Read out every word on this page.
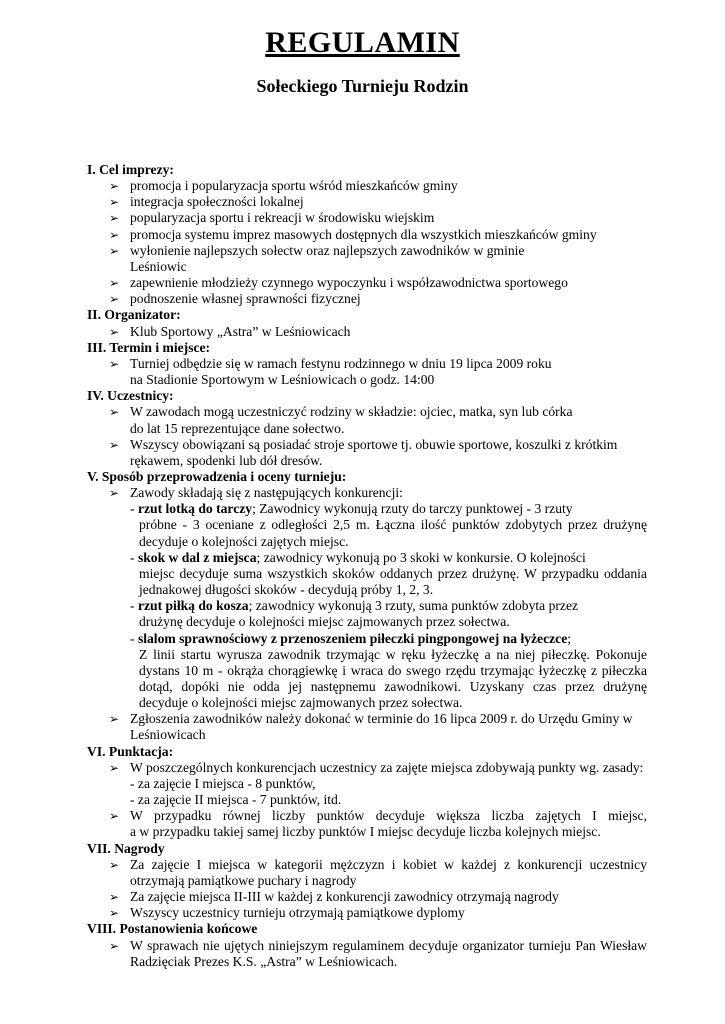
REGULAMIN
Sołeckiego Turnieju Rodzin
I. Cel imprezy:
➢ promocja i popularyzacja sportu wśród mieszkańców gminy
➢ integracja społeczności lokalnej
➢ popularyzacja sportu i rekreacji w środowisku wiejskim
➢ promocja systemu imprez masowych dostępnych dla wszystkich mieszkańców gminy
➢ wyłonienie najlepszych sołectw oraz najlepszych zawodników w gminie
Leśniowic
➢ zapewnienie młodzieży czynnego wypoczynku i współzawodnictwa sportowego
➢ podnoszenie własnej sprawności fizycznej
II. Organizator:
➢ Klub Sportowy „Astra” w Leśniowicach
III. Termin i miejsce:
➢ Turniej odbędzie się w ramach festynu rodzinnego w dniu 19 lipca 2009 roku
na Stadionie Sportowym w Leśniowicach o godz. 14:00
IV. Uczestnicy:
➢ W zawodach mogą uczestniczyć rodziny w składzie: ojciec, matka, syn lub córka
do lat 15 reprezentujące dane sołectwo.
➢ Wszyscy obowiązani są posiadać stroje sportowe tj. obuwie sportowe, koszulki z krótkim
rękawem, spodenki lub dół dresów.
V. Sposób przeprowadzenia i oceny turnieju:
➢ Zawody składają się z następujących konkurencji:
- rzut lotką do tarczy; Zawodnicy wykonują rzuty do tarczy punktowej - 3 rzuty
próbne - 3 oceniane z odległości 2,5 m. Łączna ilość punktów zdobytych przez drużynę
decyduje o kolejności zajętych miejsc.
- skok w dal z miejsca; zawodnicy wykonują po 3 skoki w konkursie. O kolejności
miejsc decyduje suma wszystkich skoków oddanych przez drużynę. W przypadku oddania
jednakowej długości skoków - decydują próby 1, 2, 3.
- rzut piłką do kosza; zawodnicy wykonują 3 rzuty, suma punktów zdobyta przez
drużynę decyduje o kolejności miejsc zajmowanych przez sołectwa.
- slalom sprawnościowy z przenoszeniem piłeczki pingpongowej na łyżeczce;
Z linii startu wyrusza zawodnik trzymając w ręku łyżeczkę a na niej piłeczkę. Pokonuje
dystans 10 m - okrąża chorągiewkę i wraca do swego rzędu trzymając łyżeczkę z piłeczka
dotąd, dopóki nie odda jej następnemu zawodnikowi. Uzyskany czas przez drużynę
decyduje o kolejności miejsc zajmowanych przez sołectwa.
➢ Zgłoszenia zawodników należy dokonać w terminie do 16 lipca 2009 r. do Urzędu Gminy w
Leśniowicach
VI. Punktacja:
➢ W poszczególnych konkurencjach uczestnicy za zajęte miejsca zdobywają punkty wg. zasady:
- za zajęcie I miejsca - 8 punktów,
- za zajęcie II miejsca - 7 punktów, itd.
➢ W przypadku równej liczby punktów decyduje większa liczba zajętych I miejsc,
a w przypadku takiej samej liczby punktów I miejsc decyduje liczba kolejnych miejsc.
VII. Nagrody
➢ Za zajęcie I miejsca w kategorii mężczyzn i kobiet w każdej z konkurencji uczestnicy
otrzymają pamiątkowe puchary i nagrody
➢ Za zajęcie miejsca II-III w każdej z konkurencji zawodnicy otrzymają nagrody
➢ Wszyscy uczestnicy turnieju otrzymają pamiątkowe dyplomy
VIII. Postanowienia końcowe
➢ W sprawach nie ujętych niniejszym regulaminem decyduje organizator turnieju Pan Wiesław
Radzięciak Prezes K.S. „Astra” w Leśniowicach.
